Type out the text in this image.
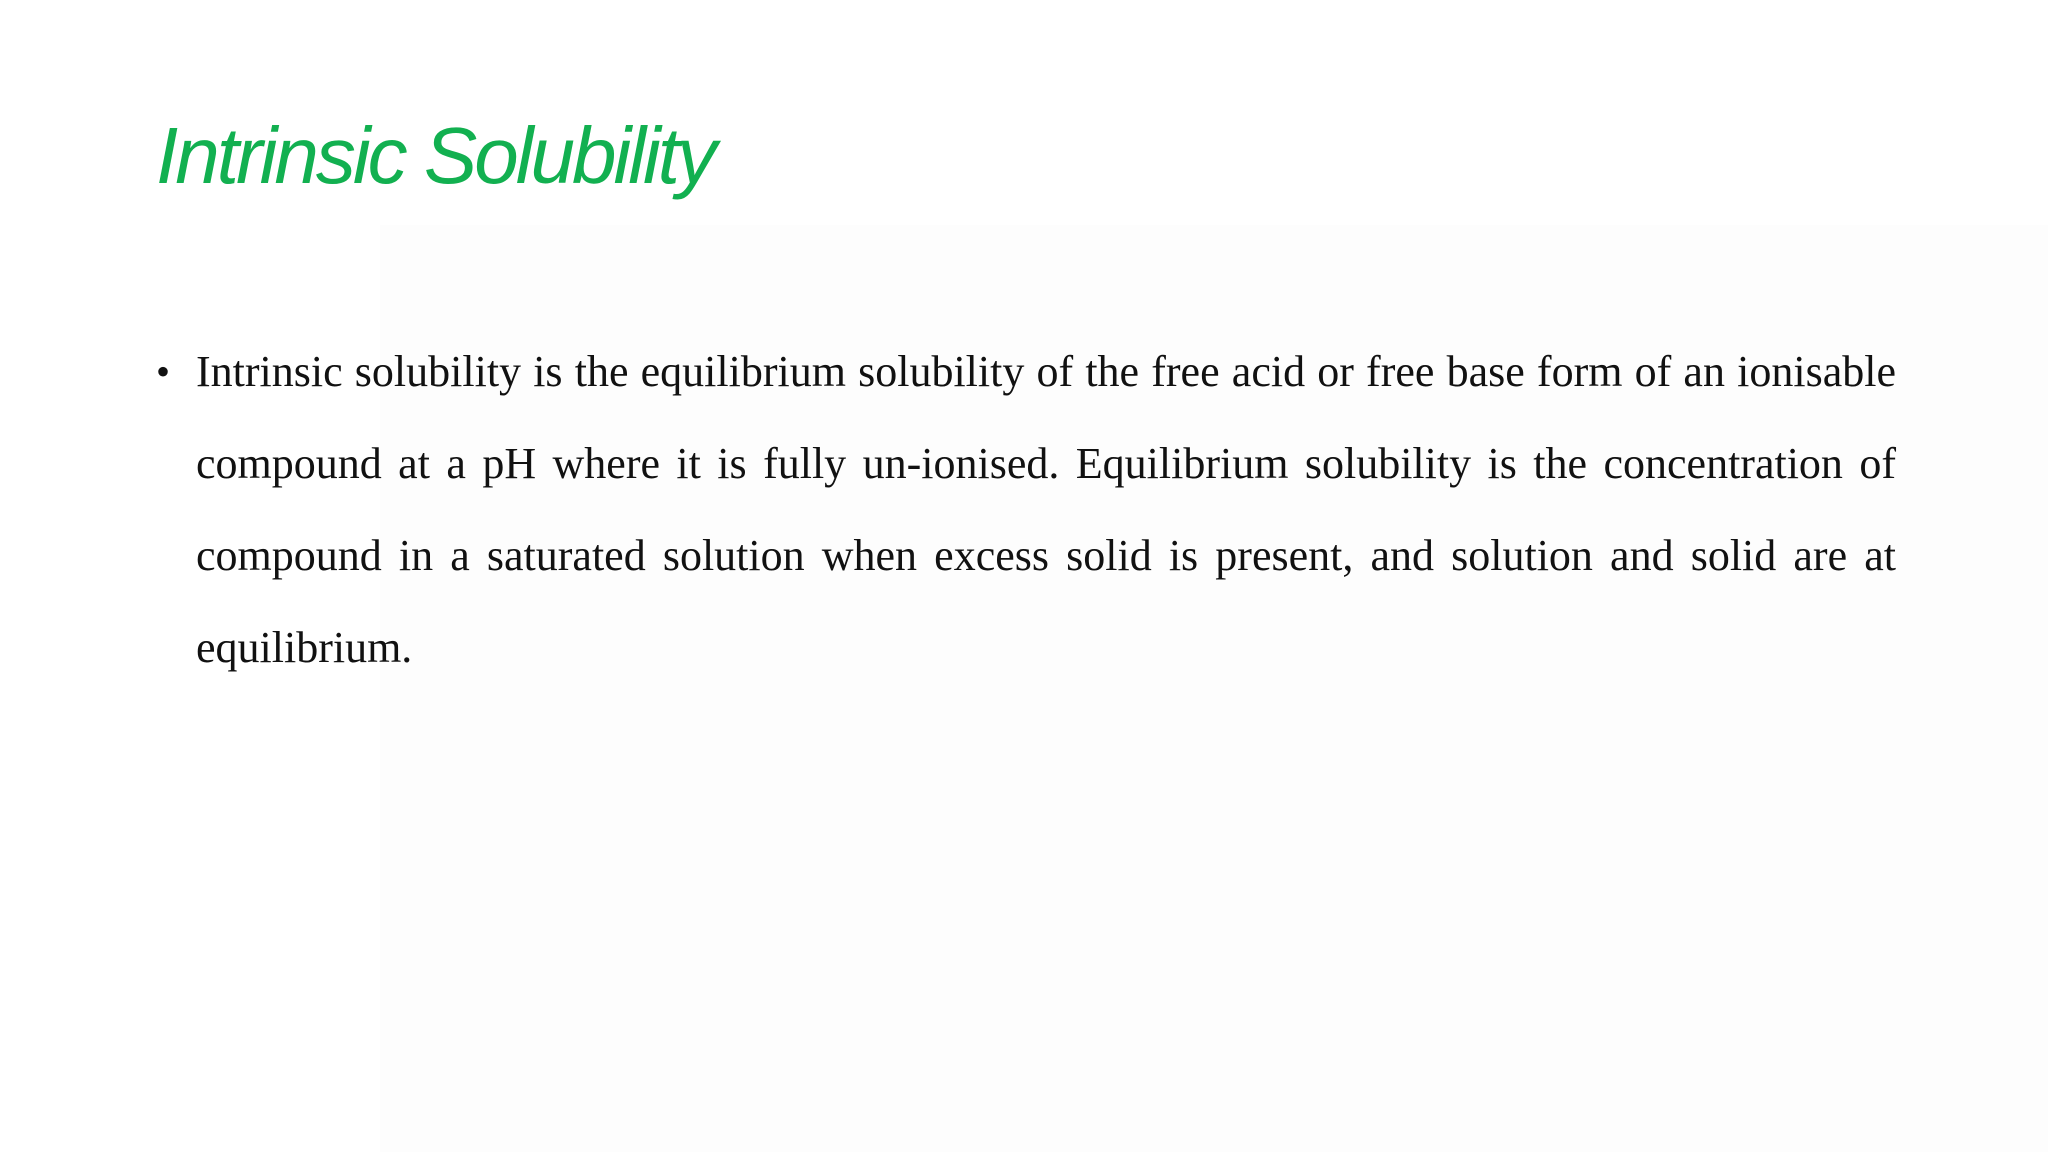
Intrinsic Solubility
• Intrinsic solubility is the equilibrium solubility of the free acid or free base form of an ionisable compound at a pH where it is fully un-ionised. Equilibrium solubility is the concentration of compound in a saturated solution when excess solid is present, and solution and solid are at equilibrium.
